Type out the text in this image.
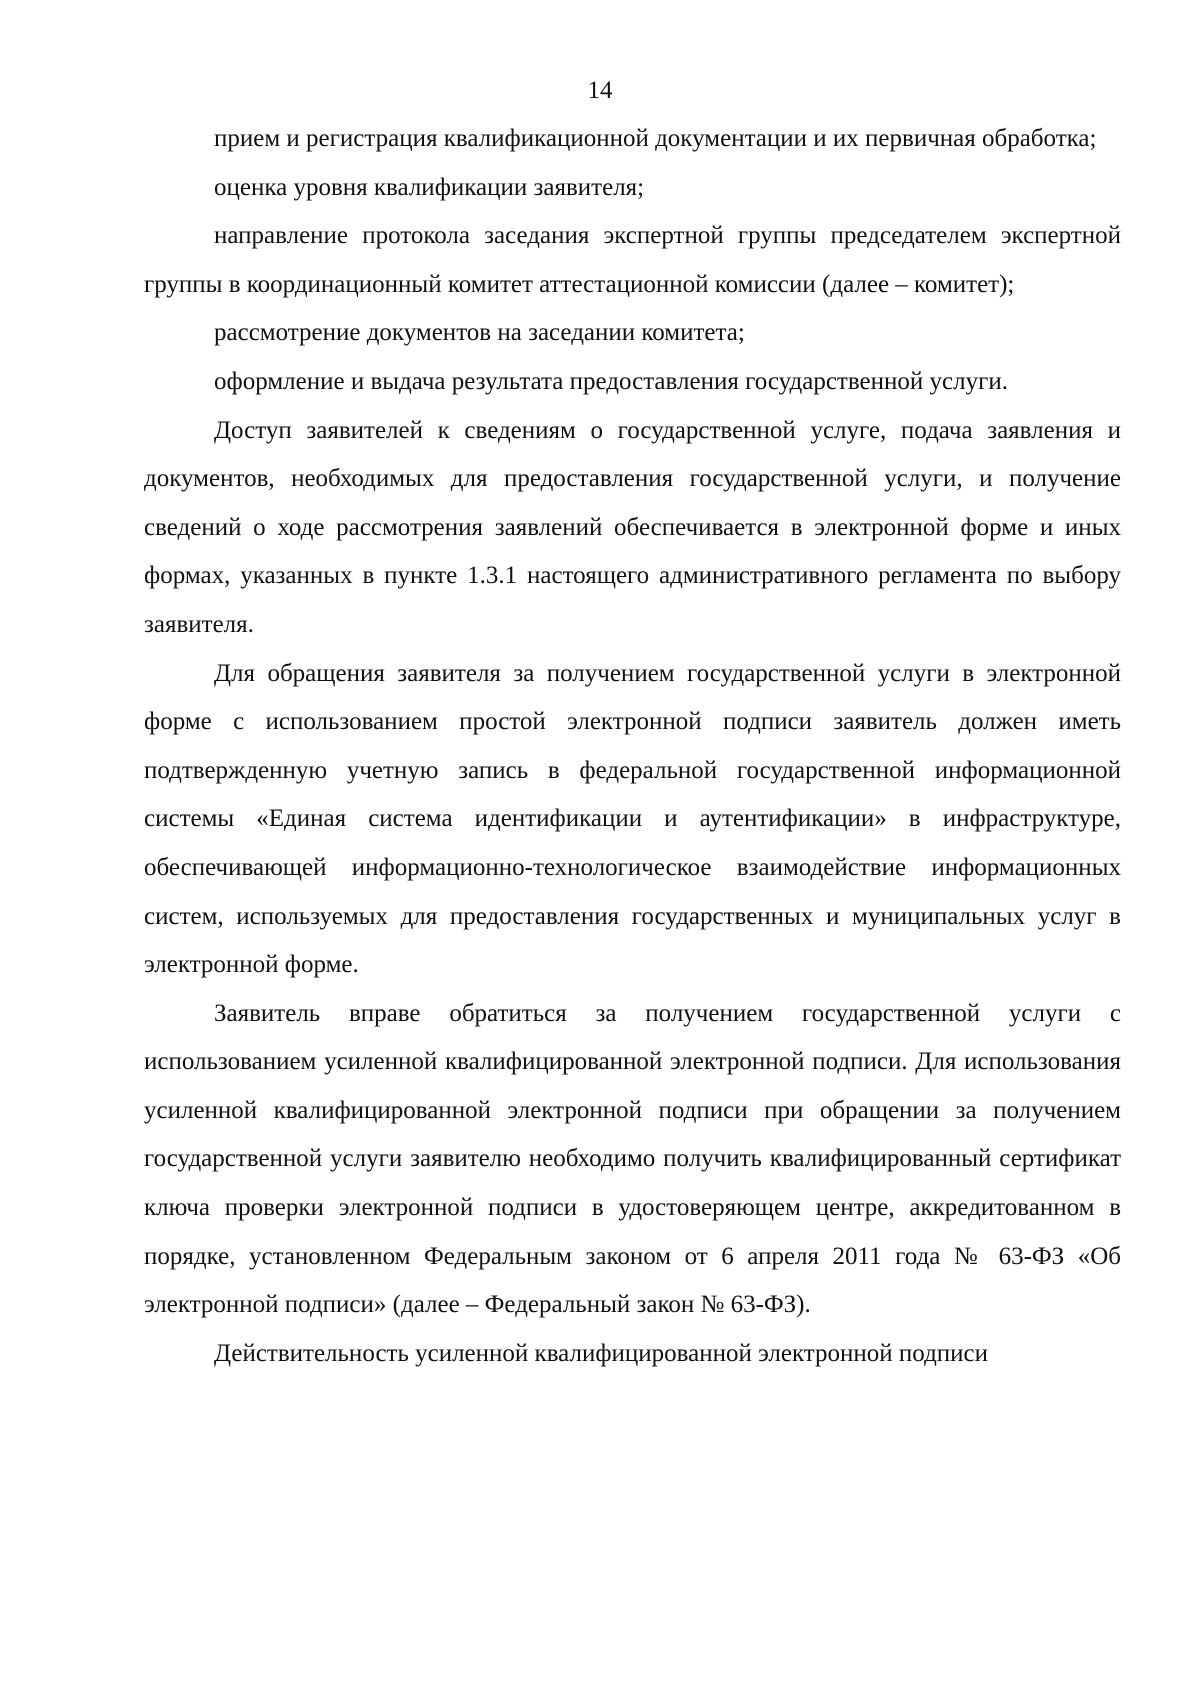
14

прием и регистрация квалификационной документации и их первичная обработка;

оценка уровня квалификации заявителя;

направление протокола заседания экспертной группы председателем экспертной группы в координационный комитет аттестационной комиссии (далее – комитет);

рассмотрение документов на заседании комитета;

оформление и выдача результата предоставления государственной услуги.

Доступ заявителей к сведениям о государственной услуге, подача заявления и документов, необходимых для предоставления государственной услуги, и получение сведений о ходе рассмотрения заявлений обеспечивается в электронной форме и иных формах, указанных в пункте 1.3.1 настоящего административного регламента по выбору заявителя.

Для обращения заявителя за получением государственной услуги в электронной форме с использованием простой электронной подписи заявитель должен иметь подтвержденную учетную запись в федеральной государственной информационной системы «Единая система идентификации и аутентификации» в инфраструктуре, обеспечивающей информационно-технологическое взаимодействие информационных систем, используемых для предоставления государственных и муниципальных услуг в электронной форме.

Заявитель вправе обратиться за получением государственной услуги с использованием усиленной квалифицированной электронной подписи. Для использования усиленной квалифицированной электронной подписи при обращении за получением государственной услуги заявителю необходимо получить квалифицированный сертификат ключа проверки электронной подписи в удостоверяющем центре, аккредитованном в порядке, установленном Федеральным законом от 6 апреля 2011 года № 63-ФЗ «Об электронной подписи» (далее – Федеральный закон № 63-ФЗ).

Действительность усиленной квалифицированной электронной подписи
